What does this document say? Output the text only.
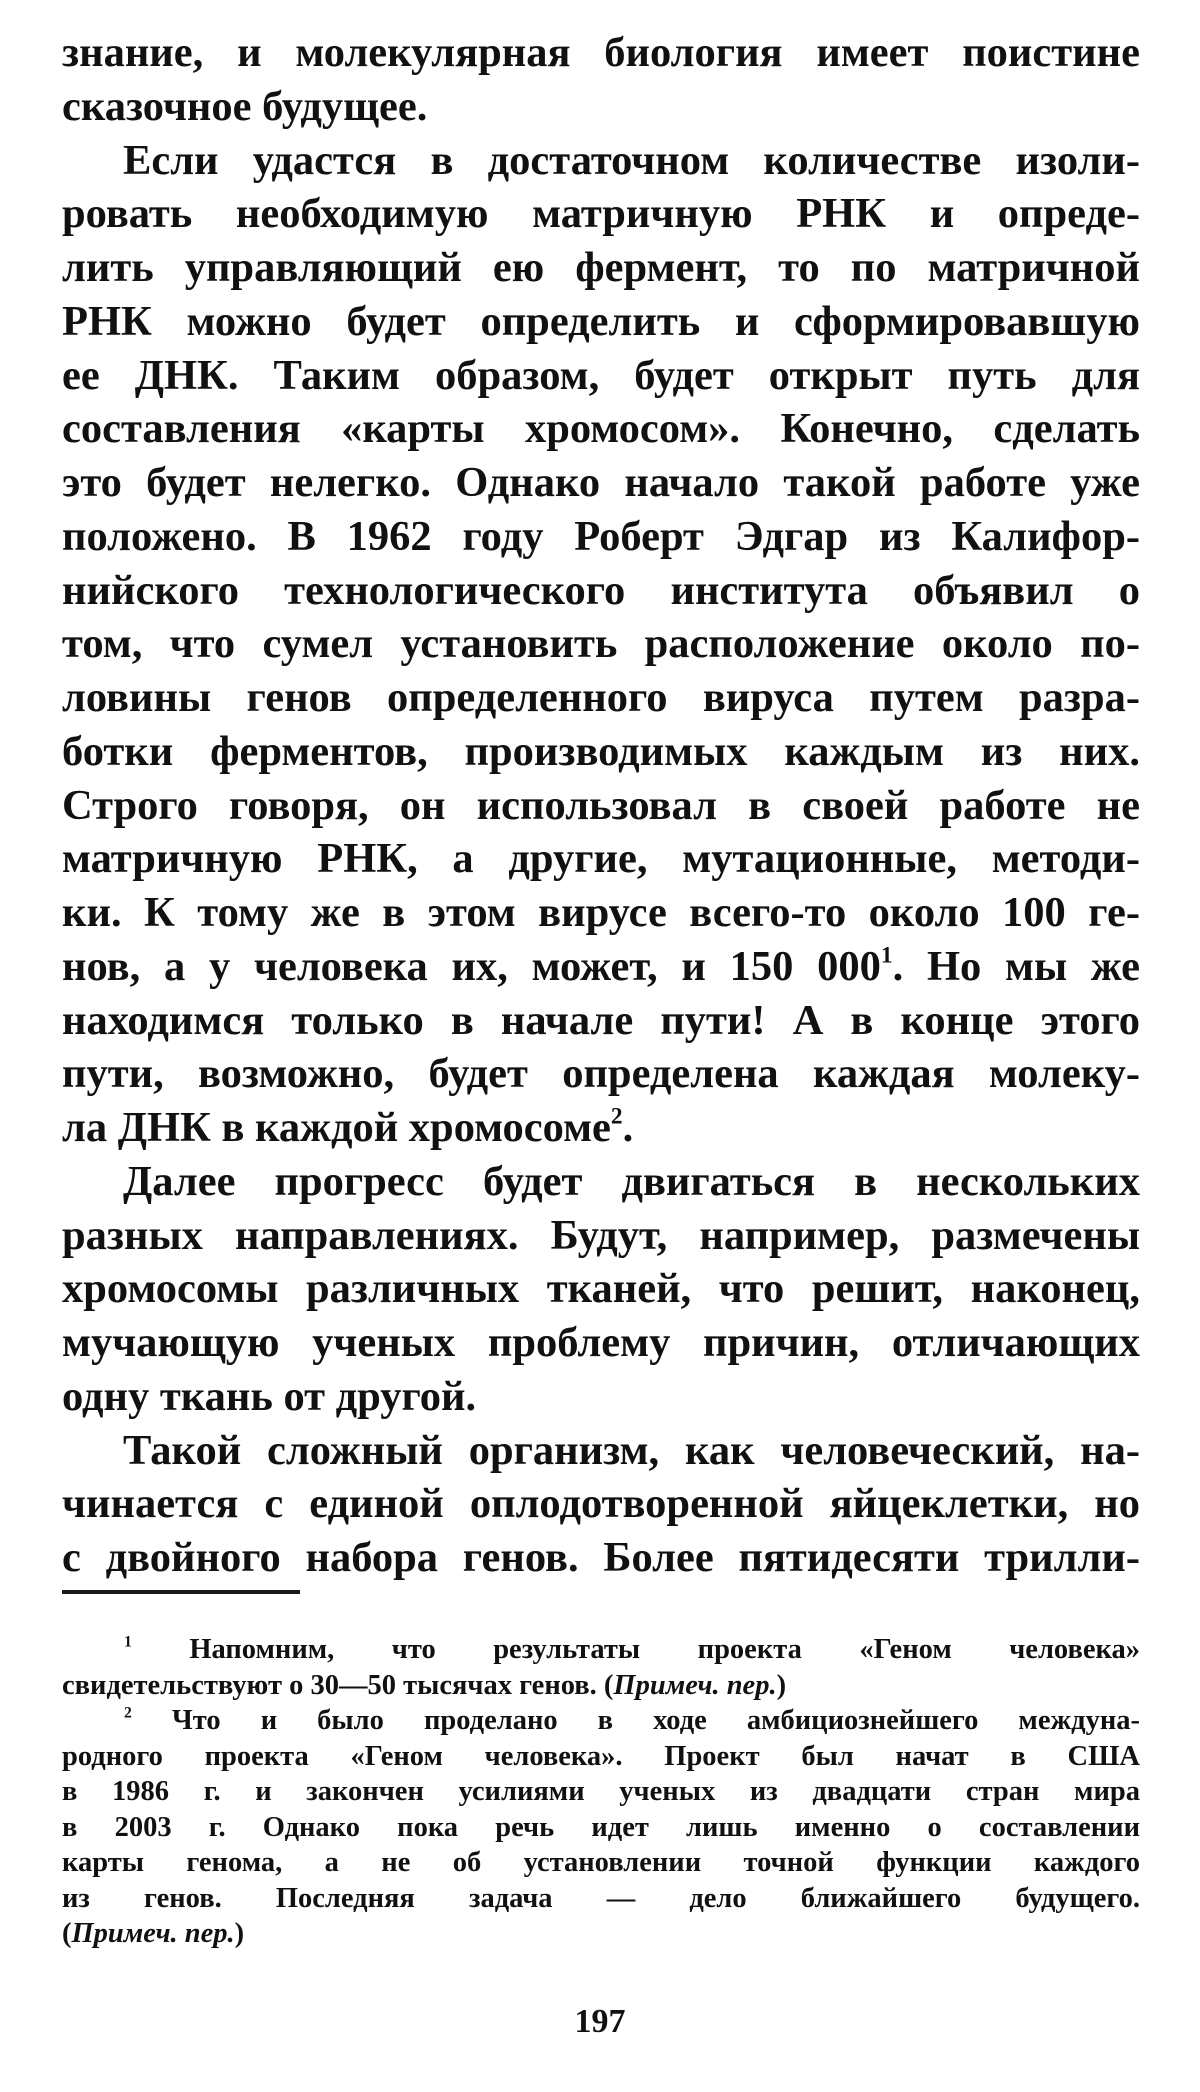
знание, и молекулярная биология имеет поистине
сказочное будущее.
Если удастся в достаточном количестве изоли-
ровать необходимую матричную РНК и опреде-
лить управляющий ею фермент, то по матричной
РНК можно будет определить и сформировавшую
ее ДНК. Таким образом, будет открыт путь для
составления «карты хромосом». Конечно, сделать
это будет нелегко. Однако начало такой работе уже
положено. В 1962 году Роберт Эдгар из Калифор-
нийского технологического института объявил о
том, что сумел установить расположение около по-
ловины генов определенного вируса путем разра-
ботки ферментов, производимых каждым из них.
Строго говоря, он использовал в своей работе не
матричную РНК, а другие, мутационные, методи-
ки. К тому же в этом вирусе всего-то около 100 ге-
нов, а у человека их, может, и 150 $000^1$. Но мы же
находимся только в начале пути! А в конце этого
пути, возможно, будет определена каждая молеку-
ла ДНК в каждой хромосоме$^2$.
Далее прогресс будет двигаться в нескольких
разных направлениях. Будут, например, размечены
хромосомы различных тканей, что решит, наконец,
мучающую ученых проблему причин, отличающих
одну ткань от другой.
Такой сложный организм, как человеческий, на-
чинается с единой оплодотворенной яйцеклетки, но
с двойного набора генов. Более пятидесяти трилли-
$^1$ Напомним, что результаты проекта «Геном человека»
свидетельствуют о 30—50 тысячах генов. (Примеч. пер.)
$^2$ Что и было проделано в ходе амбициознейшего междуна-
родного проекта «Геном человека». Проект был начат в США
в 1986 г. и закончен усилиями ученых из двадцати стран мира
в 2003 г. Однако пока речь идет лишь именно о составлении
карты генома, а не об установлении точной функции каждого
из генов. Последняя задача — дело ближайшего будущего.
(Примеч. пер.)
197
